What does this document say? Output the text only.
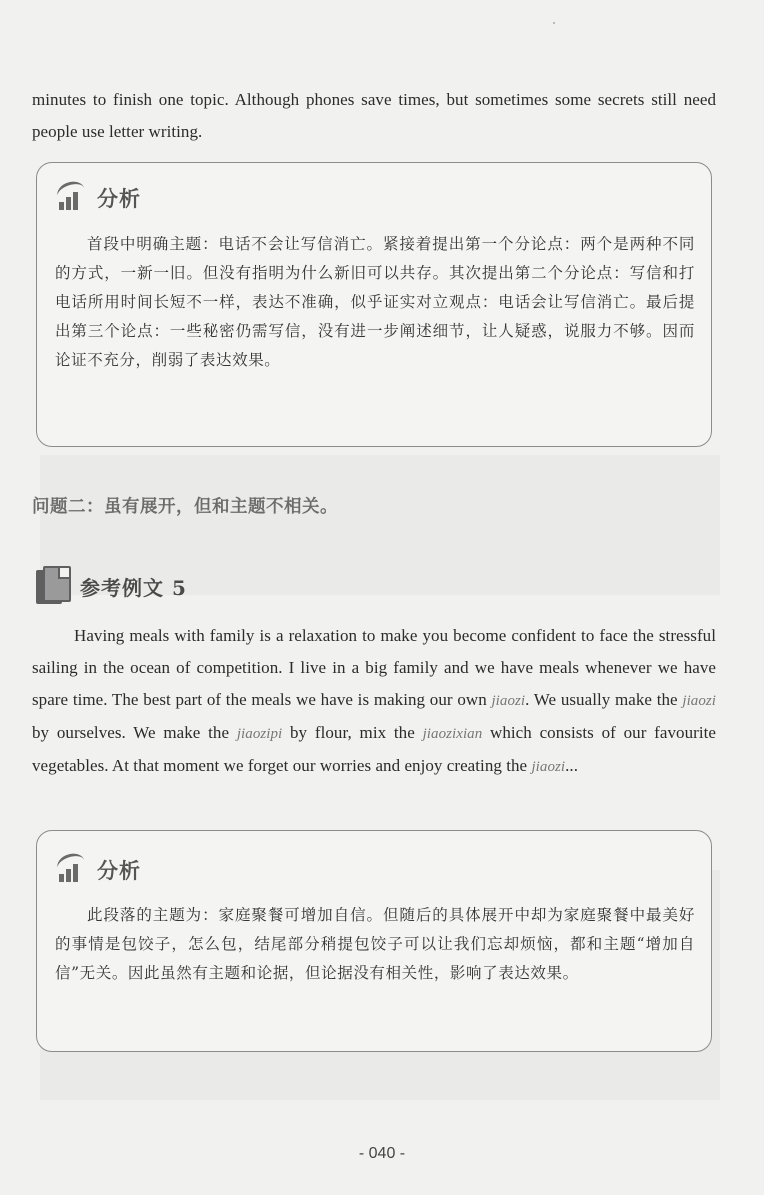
minutes to finish one topic. Although phones save times, but sometimes some secrets still need people use letter writing.

分析
首段中明确主题：电话不会让写信消亡。紧接着提出第一个分论点：两个是两种不同的方式，一新一旧。但没有指明为什么新旧可以共存。其次提出第二个分论点：写信和打电话所用时间长短不一样，表达不准确，似乎证实对立观点：电话会让写信消亡。最后提出第三个论点：一些秘密仍需写信，没有进一步阐述细节，让人疑惑，说服力不够。因而论证不充分，削弱了表达效果。
问题二：虽有展开，但和主题不相关。
参考例文 5

Having meals with family is a relaxation to make you become confident to face the stressful sailing in the ocean of competition. I live in a big family and we have meals whenever we have spare time. The best part of the meals we have is making our own jiaozi. We usually make the jiaozi by ourselves. We make the jiaozipi by flour, mix the jiaozixian which consists of our favourite vegetables. At that moment we forget our worries and enjoy creating the jiaozi...

分析
此段落的主题为：家庭聚餐可增加自信。但随后的具体展开中却为家庭聚餐中最美好的事情是包饺子，怎么包，结尾部分稍提包饺子可以让我们忘却烦恼，都和主题“增加自信”无关。因此虽然有主题和论据，但论据没有相关性，影响了表达效果。
- 040 -
